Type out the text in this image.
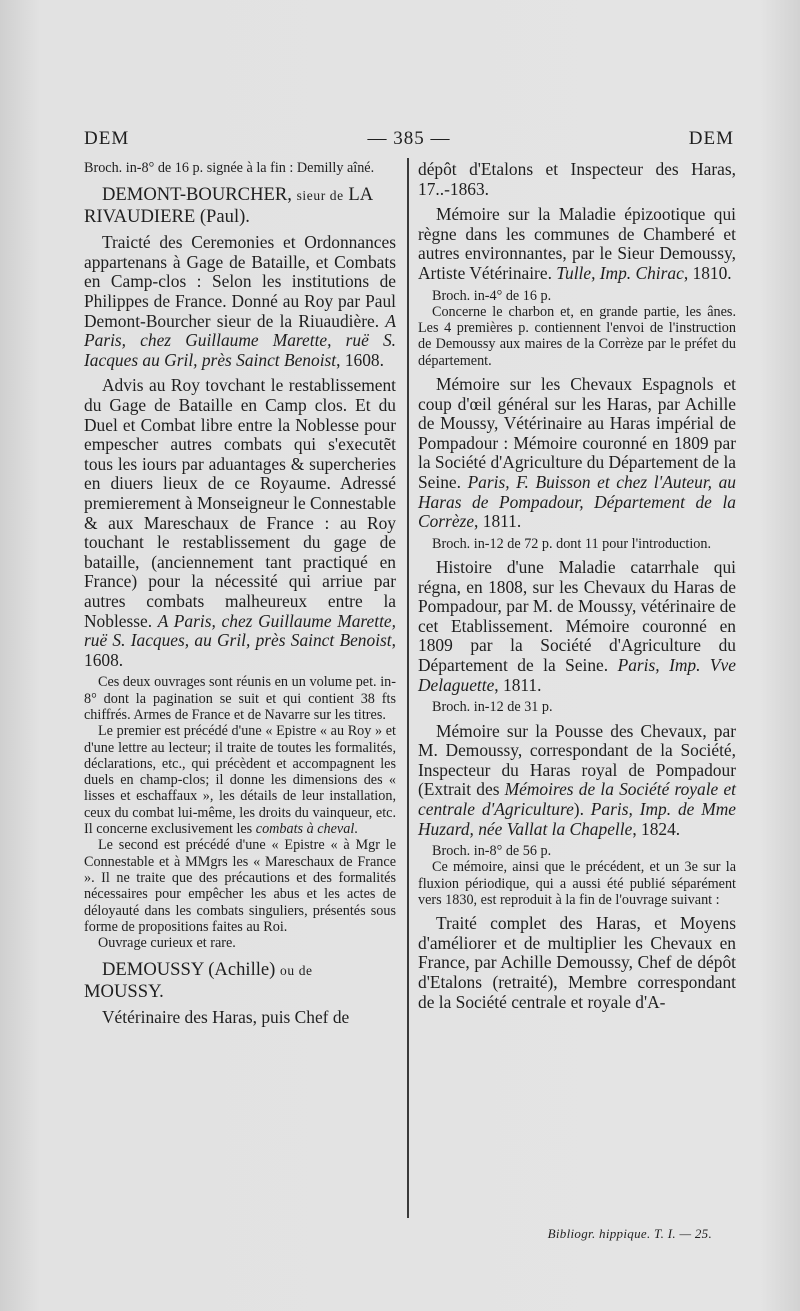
DEM	— 385 —	DEM

Broch. in-8° de 16 p. signée à la fin : Demilly aîné.

DEMONT-BOURCHER, sieur de LA RIVAUDIERE (Paul).

Traicté des Ceremonies et Ordonnances appartenans à Gage de Bataille, et Combats en Camp-clos : Selon les institutions de Philippes de France. Donné au Roy par Paul Demont-Bourcher sieur de la Riuaudière. A Paris, chez Guillaume Marette, ruë S. Iacques au Gril, près Sainct Benoist, 1608.

Advis au Roy tovchant le restablissement du Gage de Bataille en Camp clos. Et du Duel et Combat libre entre la Noblesse pour empescher autres combats qui s'executẽt tous les iours par aduantages & supercheries en diuers lieux de ce Royaume. Adressé premierement à Monseigneur le Connestable & aux Mareschaux de France : au Roy touchant le restablissement du gage de bataille, (anciennement tant practiqué en France) pour la nécessité qui arriue par autres combats malheureux entre la Noblesse. A Paris, chez Guillaume Marette, ruë S. Iacques, au Gril, près Sainct Benoist, 1608.

Ces deux ouvrages sont réunis en un volume pet. in-8° dont la pagination se suit et qui contient 38 fts chiffrés. Armes de France et de Navarre sur les titres.

Le premier est précédé d'une « Epistre « au Roy » et d'une lettre au lecteur; il traite de toutes les formalités, déclarations, etc., qui précèdent et accompagnent les duels en champ-clos; il donne les dimensions des « lisses et eschaffaux », les détails de leur installation, ceux du combat lui-même, les droits du vainqueur, etc. Il concerne exclusivement les combats à cheval.

Le second est précédé d'une « Epistre « à Mgr le Connestable et à MMgrs les « Mareschaux de France ». Il ne traite que des précautions et des formalités nécessaires pour empêcher les abus et les actes de déloyauté dans les combats singuliers, présentés sous forme de propositions faites au Roi.

Ouvrage curieux et rare.

DEMOUSSY (Achille) ou de MOUSSY.

Vétérinaire des Haras, puis Chef de

dépôt d'Etalons et Inspecteur des Haras, 17..-1863.

Mémoire sur la Maladie épizootique qui règne dans les communes de Chamberé et autres environnantes, par le Sieur Demoussy, Artiste Vétérinaire. Tulle, Imp. Chirac, 1810.

Broch. in-4° de 16 p.

Concerne le charbon et, en grande partie, les ânes. Les 4 premières p. contiennent l'envoi de l'instruction de Demoussy aux maires de la Corrèze par le préfet du département.

Mémoire sur les Chevaux Espagnols et coup d'œil général sur les Haras, par Achille de Moussy, Vétérinaire au Haras impérial de Pompadour : Mémoire couronné en 1809 par la Société d'Agriculture du Département de la Seine. Paris, F. Buisson et chez l'Auteur, au Haras de Pompadour, Département de la Corrèze, 1811.

Broch. in-12 de 72 p. dont 11 pour l'introduction.

Histoire d'une Maladie catarrhale qui régna, en 1808, sur les Chevaux du Haras de Pompadour, par M. de Moussy, vétérinaire de cet Etablissement. Mémoire couronné en 1809 par la Société d'Agriculture du Département de la Seine. Paris, Imp. Vve Delaguette, 1811.

Broch. in-12 de 31 p.

Mémoire sur la Pousse des Chevaux, par M. Demoussy, correspondant de la Société, Inspecteur du Haras royal de Pompadour (Extrait des Mémoires de la Société royale et centrale d'Agriculture). Paris, Imp. de Mme Huzard, née Vallat la Chapelle, 1824.

Broch. in-8° de 56 p.

Ce mémoire, ainsi que le précédent, et un 3e sur la fluxion périodique, qui a aussi été publié séparément vers 1830, est reproduit à la fin de l'ouvrage suivant :

Traité complet des Haras, et Moyens d'améliorer et de multiplier les Chevaux en France, par Achille Demoussy, Chef de dépôt d'Etalons (retraité), Membre correspondant de la Société centrale et royale d'A-

Bibliogr. hippique. T. I. — 25.
